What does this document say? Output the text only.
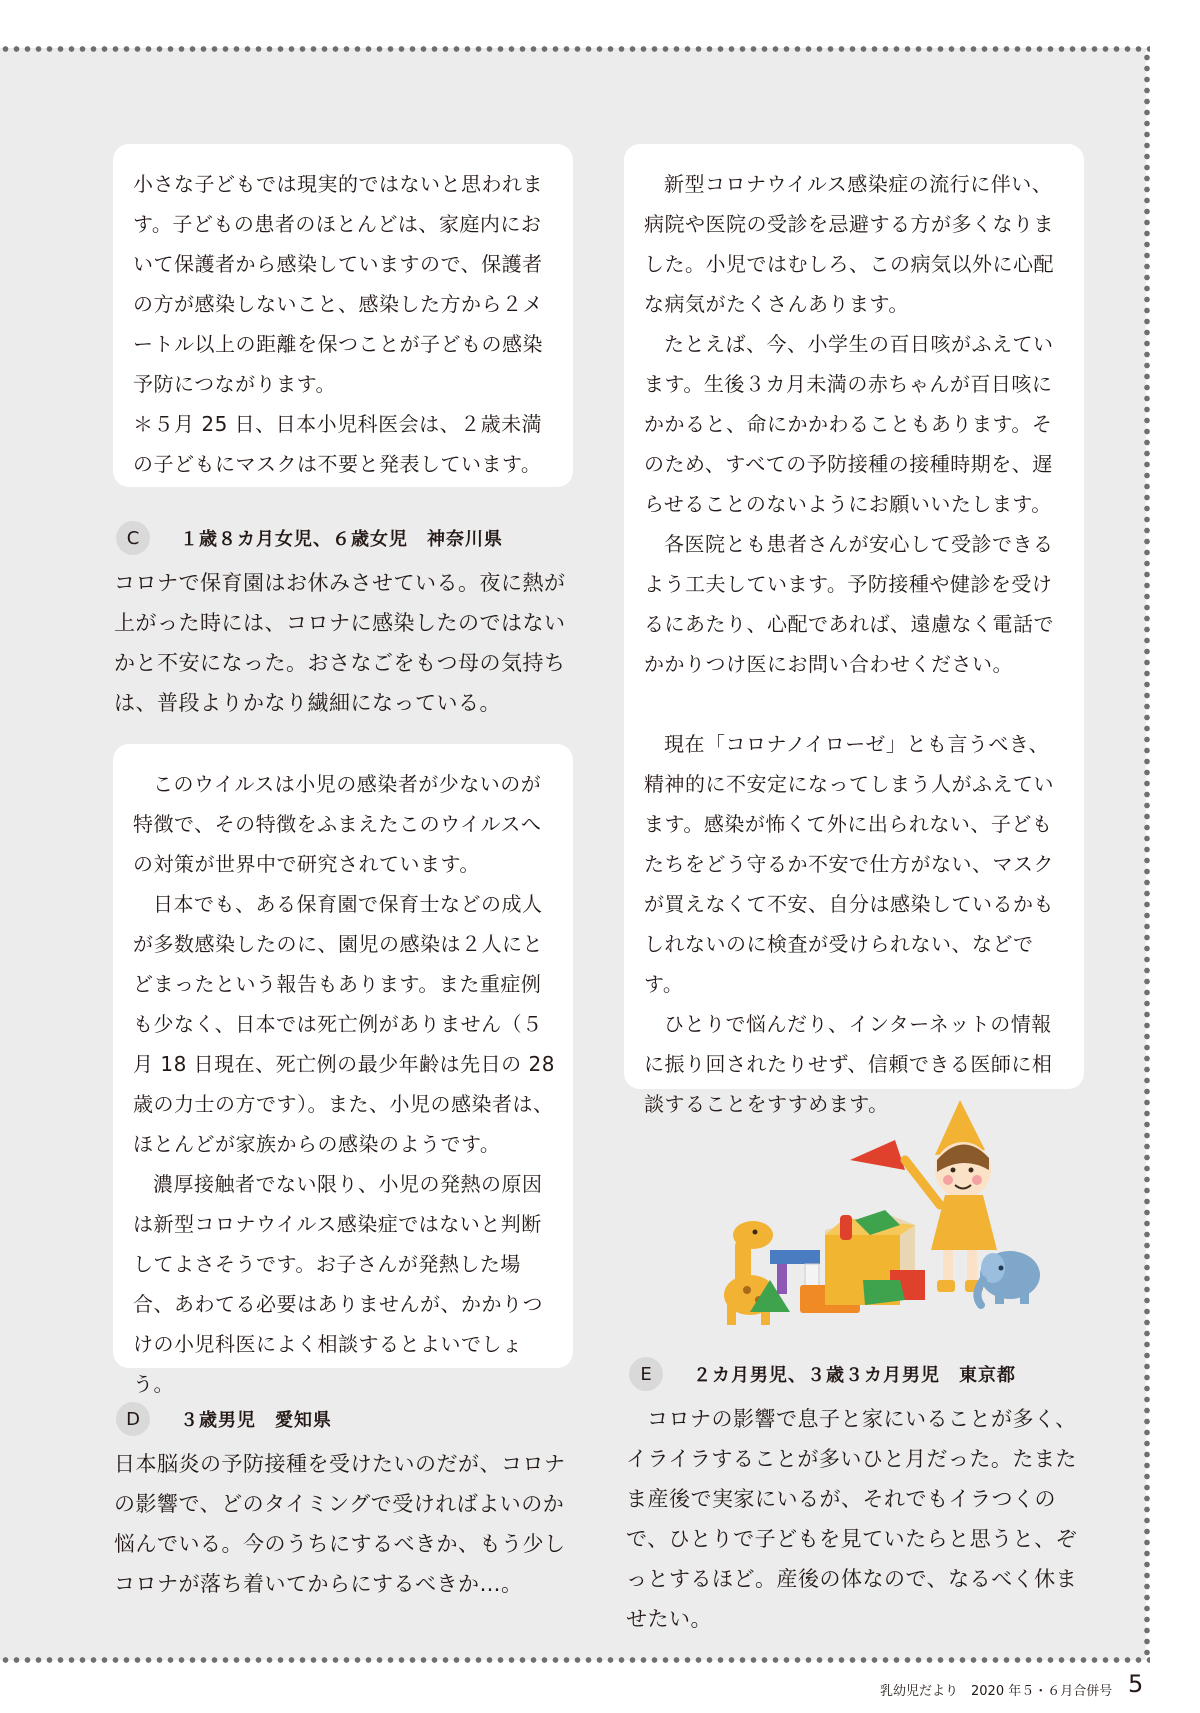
小さな子どもでは現実的ではないと思われます。子どもの患者のほとんどは、家庭内において保護者から感染していますので、保護者の方が感染しないこと、感染した方から２メートル以上の距離を保つことが子どもの感染予防につながります。

＊５月 25 日、日本小児科医会は、２歳未満の子どもにマスクは不要と発表しています。

C	１歳８カ月女児、６歳女児　神奈川県

コロナで保育園はお休みさせている。夜に熱が上がった時には、コロナに感染したのではないかと不安になった。おさなごをもつ母の気持ちは、普段よりかなり繊細になっている。

このウイルスは小児の感染者が少ないのが特徴で、その特徴をふまえたこのウイルスへの対策が世界中で研究されています。

日本でも、ある保育園で保育士などの成人が多数感染したのに、園児の感染は２人にとどまったという報告もあります。また重症例も少なく、日本では死亡例がありません（５月 18 日現在、死亡例の最少年齢は先日の 28 歳の力士の方です）。また、小児の感染者は、ほとんどが家族からの感染のようです。

濃厚接触者でない限り、小児の発熱の原因は新型コロナウイルス感染症ではないと判断してよさそうです。お子さんが発熱した場合、あわてる必要はありませんが、かかりつけの小児科医によく相談するとよいでしょう。

D	３歳男児　愛知県

日本脳炎の予防接種を受けたいのだが、コロナの影響で、どのタイミングで受ければよいのか悩んでいる。今のうちにするべきか、もう少しコロナが落ち着いてからにするべきか…。

新型コロナウイルス感染症の流行に伴い、病院や医院の受診を忌避する方が多くなりました。小児ではむしろ、この病気以外に心配な病気がたくさんあります。

たとえば、今、小学生の百日咳がふえています。生後３カ月未満の赤ちゃんが百日咳にかかると、命にかかわることもあります。そのため、すべての予防接種の接種時期を、遅らせることのないようにお願いいたします。

各医院とも患者さんが安心して受診できるよう工夫しています。予防接種や健診を受けるにあたり、心配であれば、遠慮なく電話でかかりつけ医にお問い合わせください。

現在「コロナノイローゼ」とも言うべき、精神的に不安定になってしまう人がふえています。感染が怖くて外に出られない、子どもたちをどう守るか不安で仕方がない、マスクが買えなくて不安、自分は感染しているかもしれないのに検査が受けられない、などです。

ひとりで悩んだり、インターネットの情報に振り回されたりせず、信頼できる医師に相談することをすすめます。

E	２カ月男児、３歳３カ月男児　東京都

コロナの影響で息子と家にいることが多く、イライラすることが多いひと月だった。たまたま産後で実家にいるが、それでもイラつくので、ひとりで子どもを見ていたらと思うと、ぞっとするほど。産後の体なので、なるべく休ませたい。

乳幼児だより　2020 年５・６月合併号 5
